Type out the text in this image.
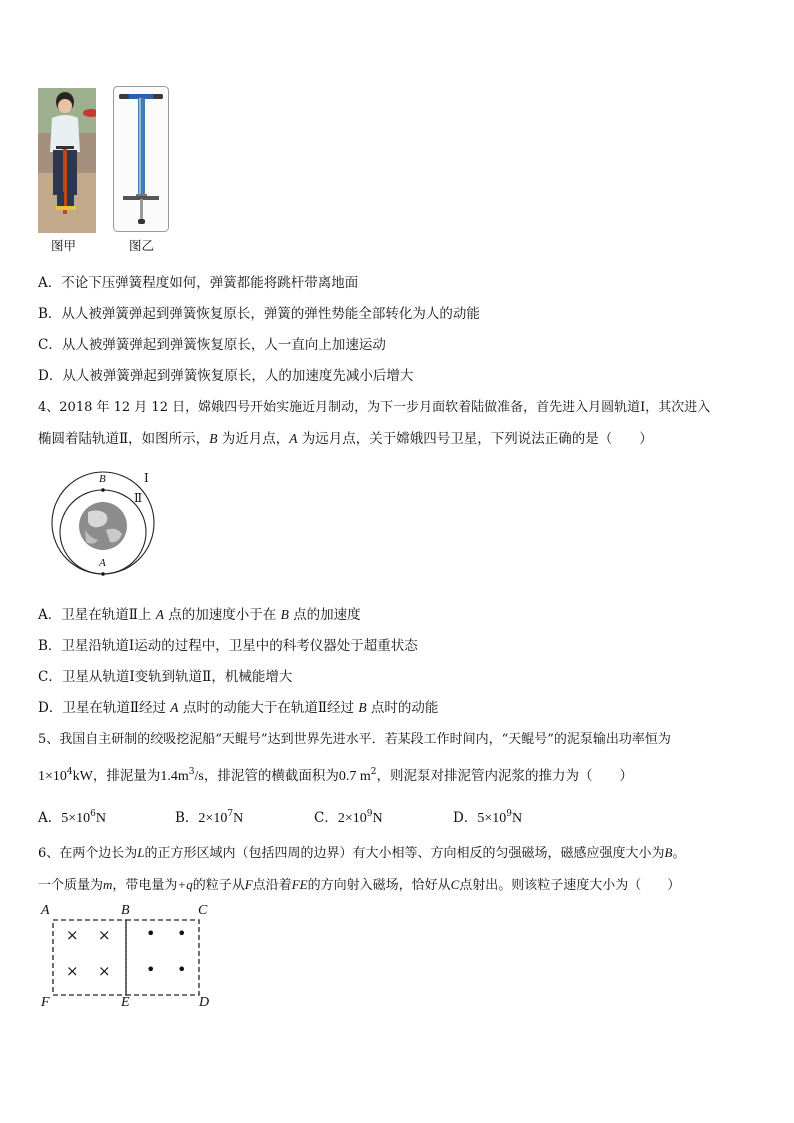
图甲	图乙
A．不论下压弹簧程度如何，弹簧都能将跳杆带离地面
B．从人被弹簧弹起到弹簧恢复原长，弹簧的弹性势能全部转化为人的动能
C．从人被弹簧弹起到弹簧恢复原长，人一直向上加速运动
D．从人被弹簧弹起到弹簧恢复原长，人的加速度先减小后增大
4、2018 年 12 月 12 日，嫦娥四号开始实施近月制动，为下一步月面软着陆做准备，首先进入月圆轨道Ⅰ，其次进入
椭圆着陆轨道Ⅱ，如图所示，B 为近月点，A 为远月点，关于嫦娥四号卫星，下列说法正确的是（　　）
B	Ⅰ
Ⅱ
A
A．卫星在轨道Ⅱ上 A 点的加速度小于在 B 点的加速度
B．卫星沿轨道Ⅰ运动的过程中，卫星中的科考仪器处于超重状态
C．卫星从轨道Ⅰ变轨到轨道Ⅱ，机械能增大
D．卫星在轨道Ⅱ经过 A 点时的动能大于在轨道Ⅱ经过 B 点时的动能
5、我国自主研制的绞吸挖泥船“天鲲号”达到世界先进水平．若某段工作时间内，“天鲲号”的泥泵输出功率恒为
$1\times 10^4kW$，排泥量为$1.4m^3/s$，排泥管的横截面积为0.7 $m^2$，则泥泵对排泥管内泥浆的推力为（　　）
A．$5\times 10^6N$	B．$2\times 10^7N$	C．$2\times 10^9N$	D．$5\times 10^9N$
6、在两个边长为L的正方形区域内（包括四周的边界）有大小相等、方向相反的匀强磁场，磁感应强度大小为B。
一个质量为m，带电量为+q的粒子从F点沿着FE的方向射入磁场，恰好从C点射出。则该粒子速度大小为（　　）
A	B	C
F	E	D
× ×
× ×
• •
• •
